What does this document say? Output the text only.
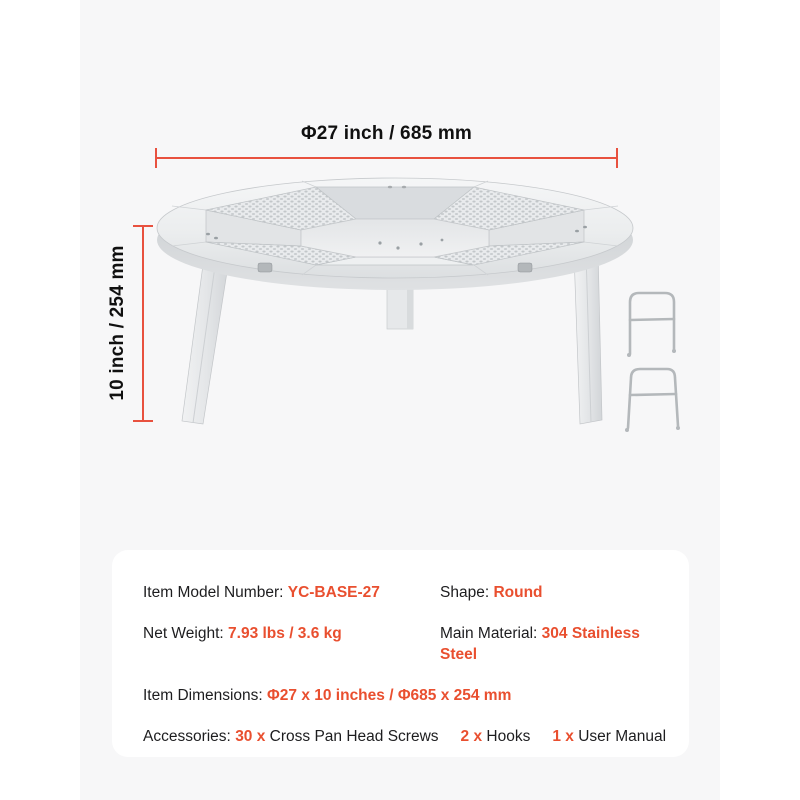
Φ27 inch / 685 mm
10 inch / 254 mm
Item Model Number: YC-BASE-27	Shape: Round
Net Weight: 7.93 lbs / 3.6 kg	Main Material: 304 Stainless Steel
Item Dimensions: Φ27 x 10 inches / Φ685 x 254 mm
Accessories: 30 x Cross Pan Head Screws 2 x Hooks 1 x User Manual
